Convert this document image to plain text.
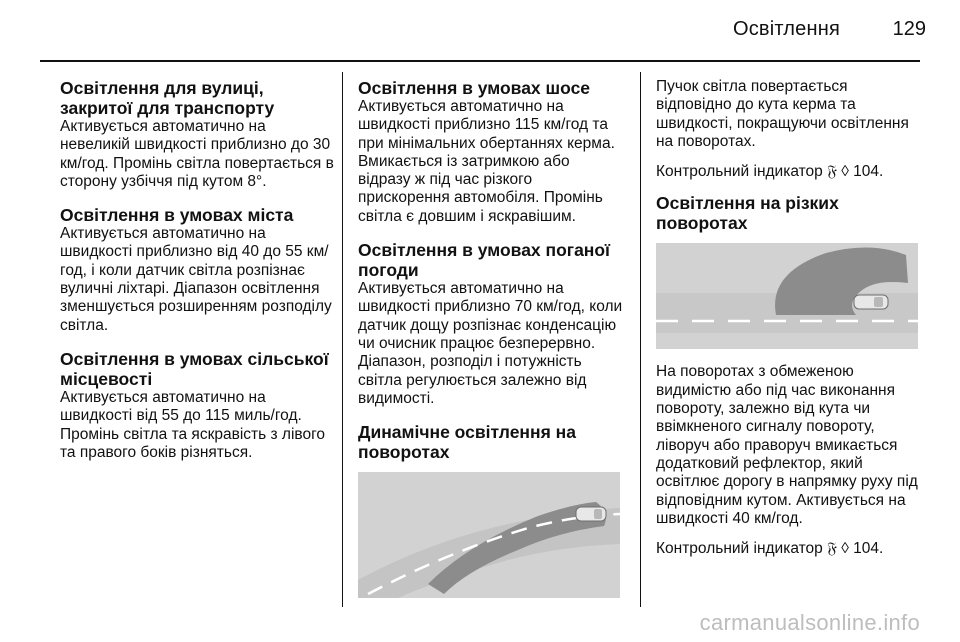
Освітлення	129
Освітлення для вулиці, закритої для транспорту

Активується автоматично на невеликій швидкості приблизно до 30 км/год. Промінь світла повертається в сторону узбіччя під кутом 8°.

Освітлення в умовах міста

Активується автоматично на швидкості приблизно від 40 до 55 км/год, і коли датчик світла розпізнає вуличні ліхтарі. Діапазон освітлення зменшується розширенням розподілу світла.

Освітлення в умовах сільської місцевості

Активується автоматично на швидкості від 55 до 115 миль/год. Промінь світла та яскравість з лівого та правого боків різняться.

Освітлення в умовах шосе

Активується автоматично на швидкості приблизно 115 км/год та при мінімальних обертаннях керма. Вмикається із затримкою або відразу ж під час різкого прискорення автомобіля. Промінь світла є довшим і яскравішим.

Освітлення в умовах поганої погоди

Активується автоматично на швидкості приблизно 70 км/год, коли датчик дощу розпізнає конденсацію чи очисник працює безперервно. Діапазон, розподіл і потужність світла регулюється залежно від видимості.

Динамічне освітлення на поворотах

Пучок світла повертається відповідно до кута керма та швидкості, покращуючи освітлення на поворотах.

Контрольний індикатор 𝔉 ◊ 104.

Освітлення на різких поворотах

На поворотах з обмеженою видимістю або під час виконання повороту, залежно від кута чи ввімкненого сигналу повороту, ліворуч або праворуч вмикається додатковий рефлектор, який освітлює дорогу в напрямку руху під відповідним кутом. Активується на швидкості 40 км/год.

Контрольний індикатор 𝔉 ◊ 104.

carmanualsonline.info
